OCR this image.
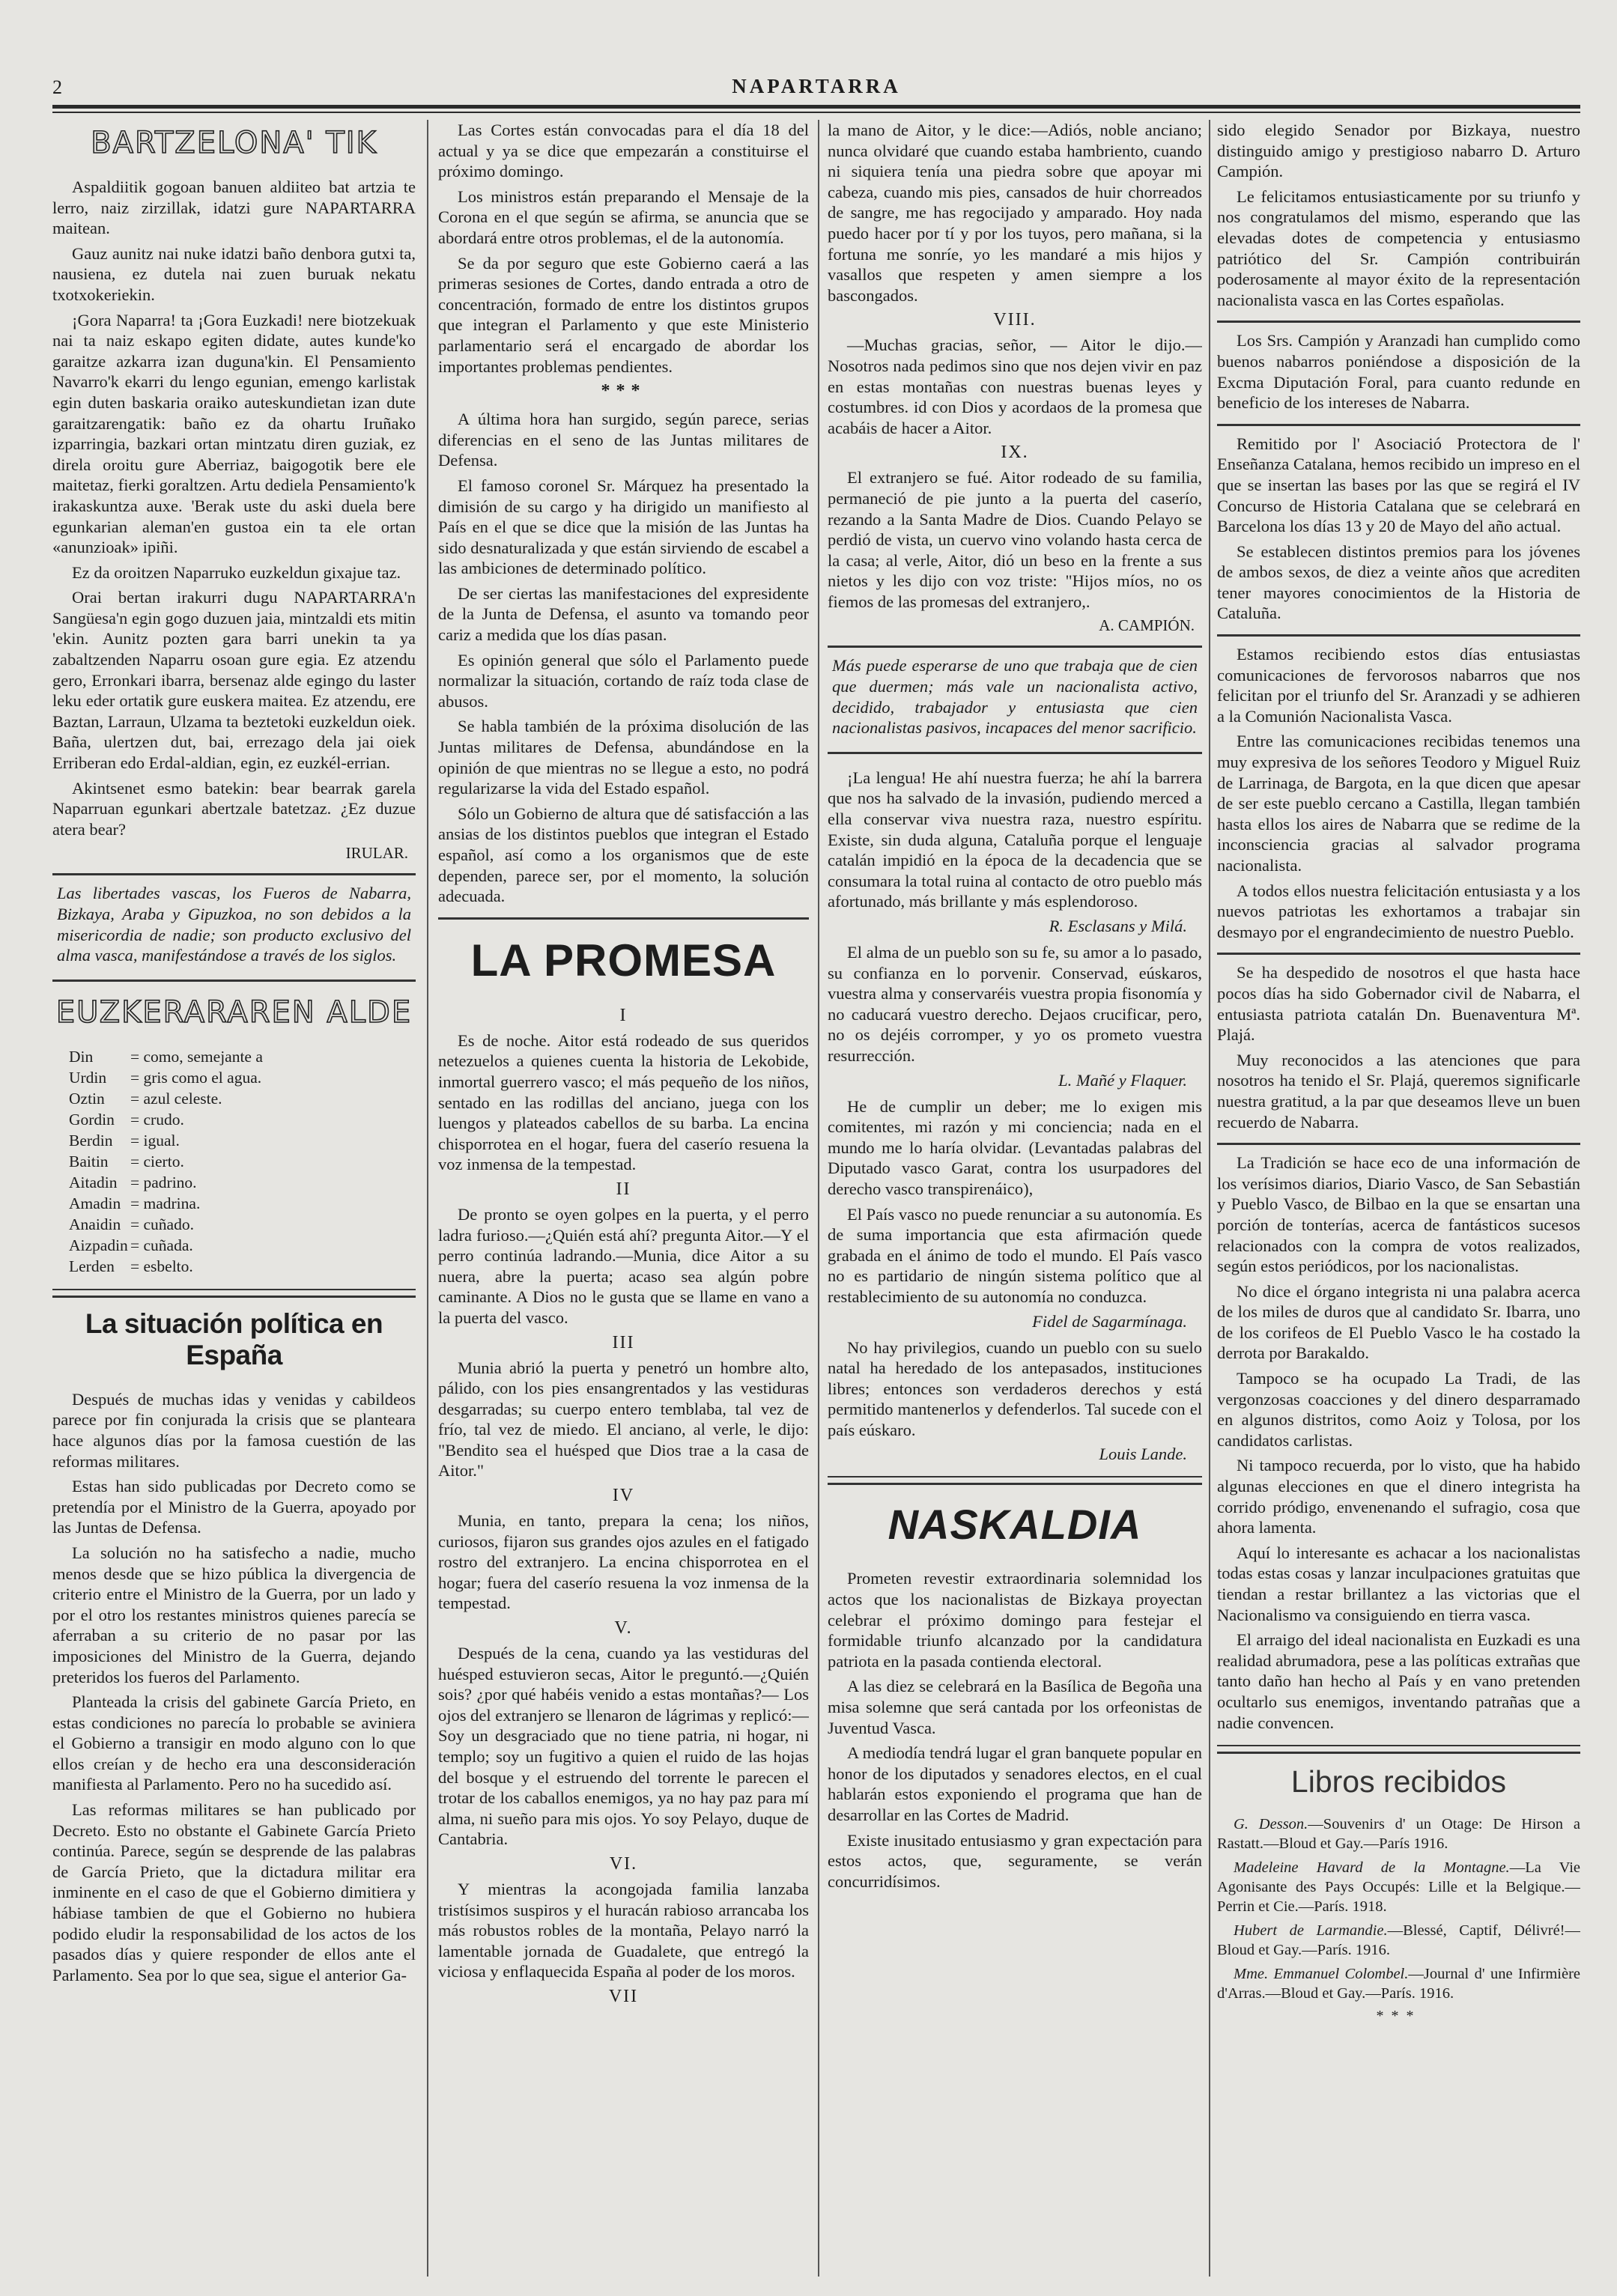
2	NAPARTARRA
BARTZELONA' TIK

Aspaldiitik gogoan banuen aldiiteo bat artzia te lerro, naiz zirzillak, idatzi gure NAPARTARRA maitean.

Gauz aunitz nai nuke idatzi baño denbora gutxi ta, nausiena, ez dutela nai zuen buruak nekatu txotxokeriekin.

¡Gora Naparra! ta ¡Gora Euzkadi! nere biotzekuak nai ta naiz eskapo egiten didate, autes kunde'ko garaitze azkarra izan duguna'kin. El Pensamiento Navarro'k ekarri du lengo egunian, emengo karlistak egin duten baskaria oraiko auteskundietan izan dute garaitzarengatik: baño ez da ohartu Iruñako izparringia, bazkari ortan mintzatu diren guziak, ez direla oroitu gure Aberriaz, baigogotik bere ele maitetaz, fierki goraltzen. Artu dediela Pensamiento'k irakaskuntza auxe. 'Berak uste du aski duela bere egunkarian aleman'en gustoa ein ta ele ortan «anunzioak» ipiñi.

Ez da oroitzen Naparruko euzkeldun gixajue taz.

Orai bertan irakurri dugu NAPARTARRA'n Sangüesa'n egin gogo duzuen jaia, mintzaldi ets mitin 'ekin. Aunitz pozten gara barri unekin ta ya zabaltzenden Naparru osoan gure egia. Ez atzendu gero, Erronkari ibarra, bersenaz alde egingo du laster leku eder ortatik gure euskera maitea. Ez atzendu, ere Baztan, Larraun, Ulzama ta beztetoki euzkeldun oiek. Baña, ulertzen dut, bai, errezago dela jai oiek Erriberan edo Erdal-aldian, egin, ez euzkél-errian.

Akintsenet esmo batekin: bear bearrak garela Naparruan egunkari abertzale batetzaz. ¿Ez duzue atera bear?

IRULAR.

Las libertades vascas, los Fueros de Nabarra, Bizkaya, Araba y Gipuzkoa, no son debidos a la misericordia de nadie; son producto exclusivo del alma vasca, manifestándose a través de los siglos.

EUZKERARAREN ALDE
Din = como, semejante a
Urdin = gris como el agua.
Oztin = azul celeste.
Gordin = crudo.
Berdin = igual.
Baitin = cierto.
Aitadin = padrino.
Amadin = madrina.
Anaidin = cuñado.
Aizpadin = cuñada.
Lerden = esbelto.
La situación política en España

Después de muchas idas y venidas y cabildeos parece por fin conjurada la crisis que se planteara hace algunos días por la famosa cuestión de las reformas militares.

Estas han sido publicadas por Decreto como se pretendía por el Ministro de la Guerra, apoyado por las Juntas de Defensa.

La solución no ha satisfecho a nadie, mucho menos desde que se hizo pública la divergencia de criterio entre el Ministro de la Guerra, por un lado y por el otro los restantes ministros quienes parecía se aferraban a su criterio de no pasar por las imposiciones del Ministro de la Guerra, dejando preteridos los fueros del Parlamento.

Planteada la crisis del gabinete García Prieto, en estas condiciones no parecía lo probable se aviniera el Gobierno a transigir en modo alguno con lo que ellos creían y de hecho era una desconsideración manifiesta al Parlamento. Pero no ha sucedido así.

Las reformas militares se han publicado por Decreto. Esto no obstante el Gabinete García Prieto continúa. Parece, según se desprende de las palabras de García Prieto, que la dictadura militar era inminente en el caso de que el Gobierno dimitiera y hábiase tambien de que el Gobierno no hubiera podido eludir la responsabilidad de los actos de los pasados días y quiere responder de ellos ante el Parlamento. Sea por lo que sea, sigue el anterior Ga-

Las Cortes están convocadas para el día 18 del actual y ya se dice que empezarán a constituirse el próximo domingo.

Los ministros están preparando el Mensaje de la Corona en el que según se afirma, se anuncia que se abordará entre otros problemas, el de la autonomía.

Se da por seguro que este Gobierno caerá a las primeras sesiones de Cortes, dando entrada a otro de concentración, formado de entre los distintos grupos que integran el Parlamento y que este Ministerio parlamentario será el encargado de abordar los importantes problemas pendientes.

***

A última hora han surgido, según parece, serias diferencias en el seno de las Juntas militares de Defensa.

El famoso coronel Sr. Márquez ha presentado la dimisión de su cargo y ha dirigido un manifiesto al País en el que se dice que la misión de las Juntas ha sido desnaturalizada y que están sirviendo de escabel a las ambiciones de determinado político.

De ser ciertas las manifestaciones del expresidente de la Junta de Defensa, el asunto va tomando peor cariz a medida que los días pasan.

Es opinión general que sólo el Parlamento puede normalizar la situación, cortando de raíz toda clase de abusos.

Se habla también de la próxima disolución de las Juntas militares de Defensa, abundándose en la opinión de que mientras no se llegue a esto, no podrá regularizarse la vida del Estado español.

Sólo un Gobierno de altura que dé satisfacción a las ansias de los distintos pueblos que integran el Estado español, así como a los organismos que de este dependen, parece ser, por el momento, la solución adecuada.

LA PROMESA
I

Es de noche. Aitor está rodeado de sus queridos netezuelos a quienes cuenta la historia de Lekobide, inmortal guerrero vasco; el más pequeño de los niños, sentado en las rodillas del anciano, juega con los luengos y plateados cabellos de su barba. La encina chisporrotea en el hogar, fuera del caserío resuena la voz inmensa de la tempestad.

II

De pronto se oyen golpes en la puerta, y el perro ladra furioso.—¿Quién está ahí? pregunta Aitor.—Y el perro continúa ladrando.—Munia, dice Aitor a su nuera, abre la puerta; acaso sea algún pobre caminante. A Dios no le gusta que se llame en vano a la puerta del vasco.

III

Munia abrió la puerta y penetró un hombre alto, pálido, con los pies ensangrentados y las vestiduras desgarradas; su cuerpo entero temblaba, tal vez de frío, tal vez de miedo. El anciano, al verle, le dijo: "Bendito sea el huésped que Dios trae a la casa de Aitor."

IV

Munia, en tanto, prepara la cena; los niños, curiosos, fijaron sus grandes ojos azules en el fatigado rostro del extranjero. La encina chisporrotea en el hogar; fuera del caserío resuena la voz inmensa de la tempestad.

V.

Después de la cena, cuando ya las vestiduras del huésped estuvieron secas, Aitor le preguntó.—¿Quién sois? ¿por qué habéis venido a estas montañas?— Los ojos del extranjero se llenaron de lágrimas y replicó:—Soy un desgraciado que no tiene patria, ni hogar, ni templo; soy un fugitivo a quien el ruido de las hojas del bosque y el estruendo del torrente le parecen el trotar de los caballos enemigos, ya no hay paz para mí alma, ni sueño para mis ojos. Yo soy Pelayo, duque de Cantabria.

VI.

Y mientras la acongojada familia lanzaba tristísimos suspiros y el huracán rabioso arrancaba los más robustos robles de la montaña, Pelayo narró la lamentable jornada de Guadalete, que entregó la viciosa y enflaquecida España al poder de los moros.

VII

la mano de Aitor, y le dice:—Adiós, noble anciano; nunca olvidaré que cuando estaba hambriento, cuando ni siquiera tenía una piedra sobre que apoyar mi cabeza, cuando mis pies, cansados de huir chorreados de sangre, me has regocijado y amparado. Hoy nada puedo hacer por tí y por los tuyos, pero mañana, si la fortuna me sonríe, yo les mandaré a mis hijos y vasallos que respeten y amen siempre a los bascongados.

VIII.

—Muchas gracias, señor, — Aitor le dijo.—Nosotros nada pedimos sino que nos dejen vivir en paz en estas montañas con nuestras buenas leyes y costumbres. id con Dios y acordaos de la promesa que acabáis de hacer a Aitor.

IX.

El extranjero se fué. Aitor rodeado de su familia, permaneció de pie junto a la puerta del caserío, rezando a la Santa Madre de Dios. Cuando Pelayo se perdió de vista, un cuervo vino volando hasta cerca de la casa; al verle, Aitor, dió un beso en la frente a sus nietos y les dijo con voz triste: "Hijos míos, no os fiemos de las promesas del extranjero,.

A. CAMPIÓN.

Más puede esperarse de uno que trabaja que de cien que duermen; más vale un nacionalista activo, decidido, trabajador y entusiasta que cien nacionalistas pasivos, incapaces del menor sacrificio.

¡La lengua! He ahí nuestra fuerza; he ahí la barrera que nos ha salvado de la invasión, pudiendo merced a ella conservar viva nuestra raza, nuestro espíritu. Existe, sin duda alguna, Cataluña porque el lenguaje catalán impidió en la época de la decadencia que se consumara la total ruina al contacto de otro pueblo más afortunado, más brillante y más esplendoroso.

R. Esclasans y Milá.

El alma de un pueblo son su fe, su amor a lo pasado, su confianza en lo porvenir. Conservad, eúskaros, vuestra alma y conservaréis vuestra propia fisonomía y no caducará vuestro derecho. Dejaos crucificar, pero, no os dejéis corromper, y yo os prometo vuestra resurrección.

L. Mañé y Flaquer.

He de cumplir un deber; me lo exigen mis comitentes, mi razón y mi conciencia; nada en el mundo me lo haría olvidar. (Levantadas palabras del Diputado vasco Garat, contra los usurpadores del derecho vasco transpirenáico),

El País vasco no puede renunciar a su autonomía. Es de suma importancia que esta afirmación quede grabada en el ánimo de todo el mundo. El País vasco no es partidario de ningún sistema político que al restablecimiento de su autonomía no conduzca.

Fidel de Sagarmínaga.

No hay privilegios, cuando un pueblo con su suelo natal ha heredado de los antepasados, instituciones libres; entonces son verdaderos derechos y está permitido mantenerlos y defenderlos. Tal sucede con el país eúskaro.

Louis Lande.
NASKALDIA

Prometen revestir extraordinaria solemnidad los actos que los nacionalistas de Bizkaya proyectan celebrar el próximo domingo para festejar el formidable triunfo alcanzado por la candidatura patriota en la pasada contienda electoral.

A las diez se celebrará en la Basílica de Begoña una misa solemne que será cantada por los orfeonistas de Juventud Vasca.

A mediodía tendrá lugar el gran banquete popular en honor de los diputados y senadores electos, en el cual hablarán estos exponiendo el programa que han de desarrollar en las Cortes de Madrid.

Existe inusitado entusiasmo y gran expectación para estos actos, que, seguramente, se verán concurridísimos.

sido elegido Senador por Bizkaya, nuestro distinguido amigo y prestigioso nabarro D. Arturo Campión.

Le felicitamos entusiasticamente por su triunfo y nos congratulamos del mismo, esperando que las elevadas dotes de competencia y entusiasmo patriótico del Sr. Campión contribuirán poderosamente al mayor éxito de la representación nacionalista vasca en las Cortes españolas.

Los Srs. Campión y Aranzadi han cumplido como buenos nabarros poniéndose a disposición de la Excma Diputación Foral, para cuanto redunde en beneficio de los intereses de Nabarra.

Remitido por l' Asociació Protectora de l' Enseñanza Catalana, hemos recibido un impreso en el que se insertan las bases por las que se regirá el IV Concurso de Historia Catalana que se celebrará en Barcelona los días 13 y 20 de Mayo del año actual.

Se establecen distintos premios para los jóvenes de ambos sexos, de diez a veinte años que acrediten tener mayores conocimientos de la Historia de Cataluña.

Estamos recibiendo estos días entusiastas comunicaciones de fervorosos nabarros que nos felicitan por el triunfo del Sr. Aranzadi y se adhieren a la Comunión Nacionalista Vasca.

Entre las comunicaciones recibidas tenemos una muy expresiva de los señores Teodoro y Miguel Ruiz de Larrinaga, de Bargota, en la que dicen que apesar de ser este pueblo cercano a Castilla, llegan también hasta ellos los aires de Nabarra que se redime de la inconsciencia gracias al salvador programa nacionalista.

A todos ellos nuestra felicitación entusiasta y a los nuevos patriotas les exhortamos a trabajar sin desmayo por el engrandecimiento de nuestro Pueblo.

Se ha despedido de nosotros el que hasta hace pocos días ha sido Gobernador civil de Nabarra, el entusiasta patriota catalán Dn. Buenaventura Mª. Plajá.

Muy reconocidos a las atenciones que para nosotros ha tenido el Sr. Plajá, queremos significarle nuestra gratitud, a la par que deseamos lleve un buen recuerdo de Nabarra.

La Tradición se hace eco de una información de los verísimos diarios, Diario Vasco, de San Sebastián y Pueblo Vasco, de Bilbao en la que se ensartan una porción de tonterías, acerca de fantásticos sucesos relacionados con la compra de votos realizados, según estos periódicos, por los nacionalistas.

No dice el órgano integrista ni una palabra acerca de los miles de duros que al candidato Sr. Ibarra, uno de los corifeos de El Pueblo Vasco le ha costado la derrota por Barakaldo.

Tampoco se ha ocupado La Tradi, de las vergonzosas coacciones y del dinero desparramado en algunos distritos, como Aoiz y Tolosa, por los candidatos carlistas.

Ni tampoco recuerda, por lo visto, que ha habido algunas elecciones en que el dinero integrista ha corrido pródigo, envenenando el sufragio, cosa que ahora lamenta.

Aquí lo interesante es achacar a los nacionalistas todas estas cosas y lanzar inculpaciones gratuitas que tiendan a restar brillantez a las victorias que el Nacionalismo va consiguiendo en tierra vasca.

El arraigo del ideal nacionalista en Euzkadi es una realidad abrumadora, pese a las políticas extrañas que tanto daño han hecho al País y en vano pretenden ocultarlo sus enemigos, inventando patrañas que a nadie convencen.

Libros recibidos

G. Desson.—Souvenirs d' un Otage: De Hirson a Rastatt.—Bloud et Gay.—París 1916.

Madeleine Havard de la Montagne.—La Vie Agonisante des Pays Occupés: Lille et la Belgique.—Perrin et Cie.—París. 1918.

Hubert de Larmandie.—Blessé, Captif, Délivré!—Bloud et Gay.—París. 1916.

Mme. Emmanuel Colombel.—Journal d' une Infirmière d'Arras.—Bloud et Gay.—París. 1916.

***
